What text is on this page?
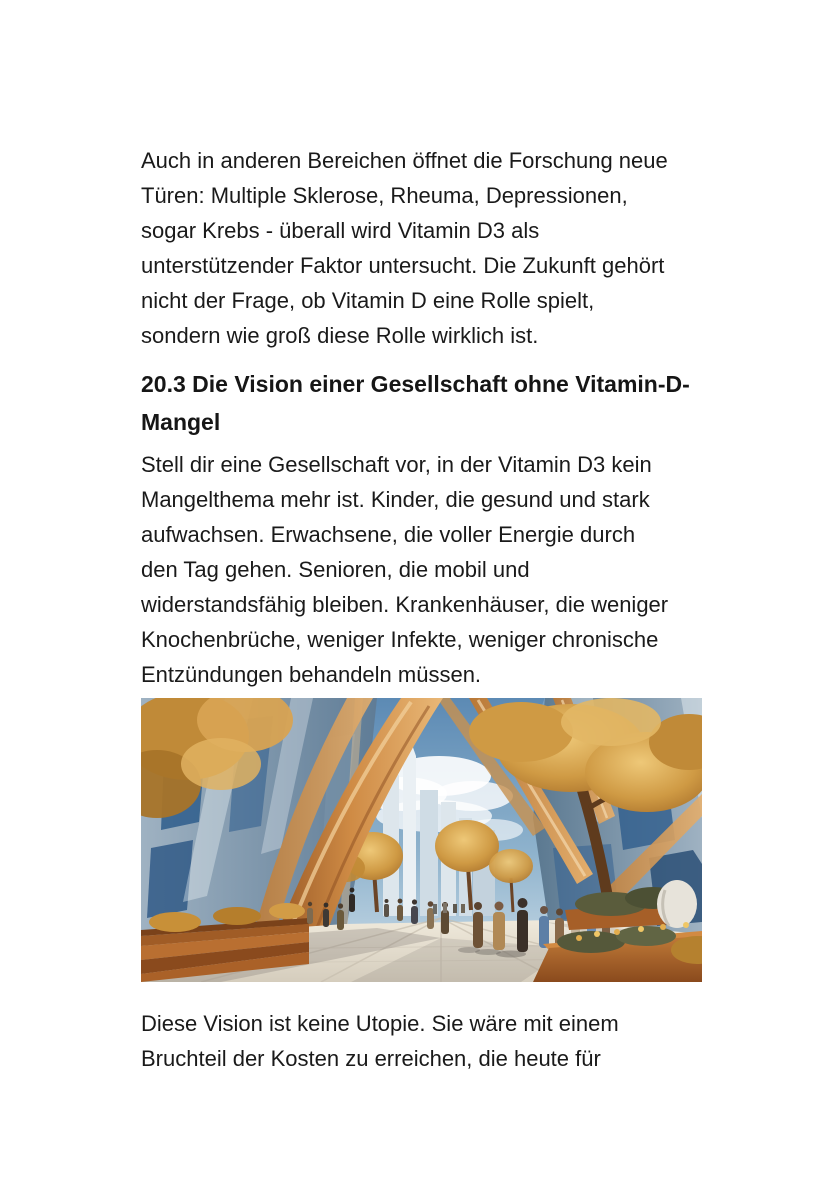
Auch in anderen Bereichen öffnet die Forschung neue
Türen: Multiple Sklerose, Rheuma, Depressionen,
sogar Krebs - überall wird Vitamin D3 als
unterstützender Faktor untersucht. Die Zukunft gehört
nicht der Frage, ob Vitamin D eine Rolle spielt,
sondern wie groß diese Rolle wirklich ist.

20.3 Die Vision einer Gesellschaft ohne Vitamin-D-
Mangel

Stell dir eine Gesellschaft vor, in der Vitamin D3 kein
Mangelthema mehr ist. Kinder, die gesund und stark
aufwachsen. Erwachsene, die voller Energie durch
den Tag gehen. Senioren, die mobil und
widerstandsfähig bleiben. Krankenhäuser, die weniger
Knochenbrüche, weniger Infekte, weniger chronische
Entzündungen behandeln müssen.

Diese Vision ist keine Utopie. Sie wäre mit einem
Bruchteil der Kosten zu erreichen, die heute für
